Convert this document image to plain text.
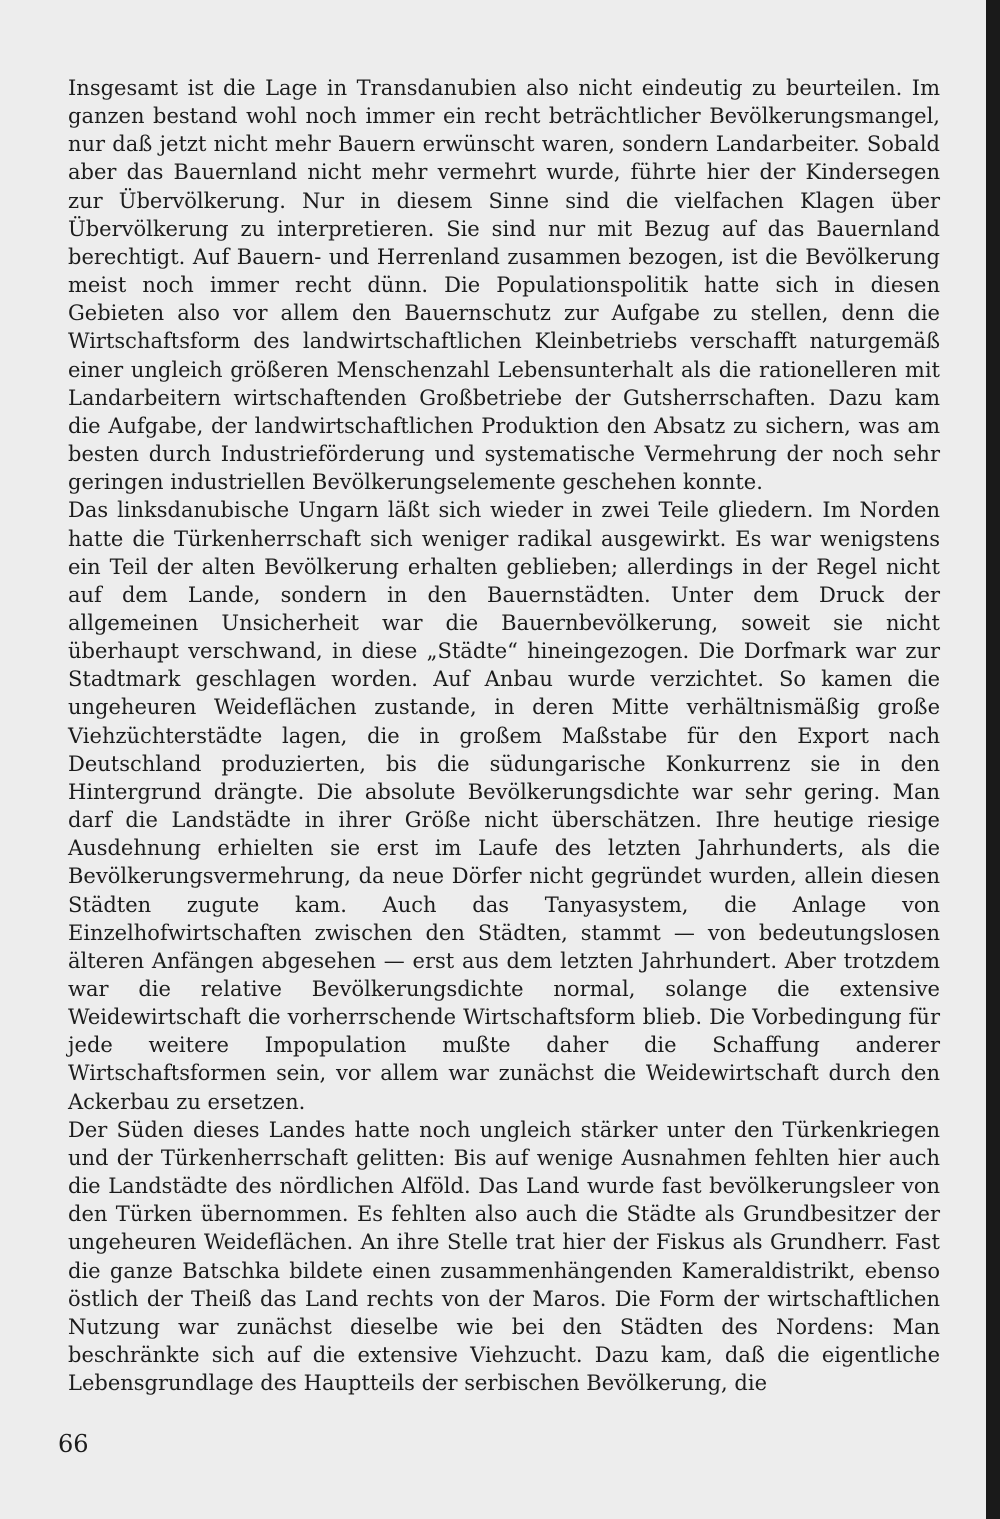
Insgesamt ist die Lage in Transdanubien also nicht eindeutig zu beurteilen. Im ganzen bestand wohl noch immer ein recht beträchtlicher Bevölkerungsmangel, nur daß jetzt nicht mehr Bauern erwünscht waren, sondern Landarbeiter. Sobald aber das Bauernland nicht mehr vermehrt wurde, führte hier der Kindersegen zur Übervölkerung. Nur in diesem Sinne sind die vielfachen Klagen über Übervölkerung zu interpretieren. Sie sind nur mit Bezug auf das Bauernland berechtigt. Auf Bauern- und Herrenland zusammen bezogen, ist die Bevölkerung meist noch immer recht dünn. Die Populationspolitik hatte sich in diesen Gebieten also vor allem den Bauernschutz zur Aufgabe zu stellen, denn die Wirtschaftsform des landwirtschaftlichen Kleinbetriebs verschafft naturgemäß einer ungleich größeren Menschenzahl Lebensunterhalt als die rationelleren mit Landarbeitern wirtschaftenden Großbetriebe der Gutsherrschaften. Dazu kam die Aufgabe, der landwirtschaftlichen Produktion den Absatz zu sichern, was am besten durch Industrieförderung und systematische Vermehrung der noch sehr geringen industriellen Bevölkerungselemente geschehen konnte.

Das linksdanubische Ungarn läßt sich wieder in zwei Teile gliedern. Im Norden hatte die Türkenherrschaft sich weniger radikal ausgewirkt. Es war wenigstens ein Teil der alten Bevölkerung erhalten geblieben; allerdings in der Regel nicht auf dem Lande, sondern in den Bauernstädten. Unter dem Druck der allgemeinen Unsicherheit war die Bauernbevölkerung, soweit sie nicht überhaupt verschwand, in diese „Städte“ hineingezogen. Die Dorfmark war zur Stadtmark geschlagen worden. Auf Anbau wurde verzichtet. So kamen die ungeheuren Weideflächen zustande, in deren Mitte verhältnismäßig große Viehzüchterstädte lagen, die in großem Maßstabe für den Export nach Deutschland produzierten, bis die südungarische Konkurrenz sie in den Hintergrund drängte. Die absolute Bevölkerungsdichte war sehr gering. Man darf die Landstädte in ihrer Größe nicht überschätzen. Ihre heutige riesige Ausdehnung erhielten sie erst im Laufe des letzten Jahrhunderts, als die Bevölkerungsvermehrung, da neue Dörfer nicht gegründet wurden, allein diesen Städten zugute kam. Auch das Tanyasystem, die Anlage von Einzelhofwirtschaften zwischen den Städten, stammt — von bedeutungslosen älteren Anfängen abgesehen — erst aus dem letzten Jahrhundert. Aber trotzdem war die relative Bevölkerungsdichte normal, solange die extensive Weidewirtschaft die vorherrschende Wirtschaftsform blieb. Die Vorbedingung für jede weitere Impopulation mußte daher die Schaffung anderer Wirtschaftsformen sein, vor allem war zunächst die Weidewirtschaft durch den Ackerbau zu ersetzen.

Der Süden dieses Landes hatte noch ungleich stärker unter den Türkenkriegen und der Türkenherrschaft gelitten: Bis auf wenige Ausnahmen fehlten hier auch die Landstädte des nördlichen Alföld. Das Land wurde fast bevölkerungsleer von den Türken übernommen. Es fehlten also auch die Städte als Grundbesitzer der ungeheuren Weideflächen. An ihre Stelle trat hier der Fiskus als Grundherr. Fast die ganze Batschka bildete einen zusammenhängenden Kameraldistrikt, ebenso östlich der Theiß das Land rechts von der Maros. Die Form der wirtschaftlichen Nutzung war zunächst dieselbe wie bei den Städten des Nordens: Man beschränkte sich auf die extensive Viehzucht. Dazu kam, daß die eigentliche Lebensgrundlage des Hauptteils der serbischen Bevölkerung, die

66
